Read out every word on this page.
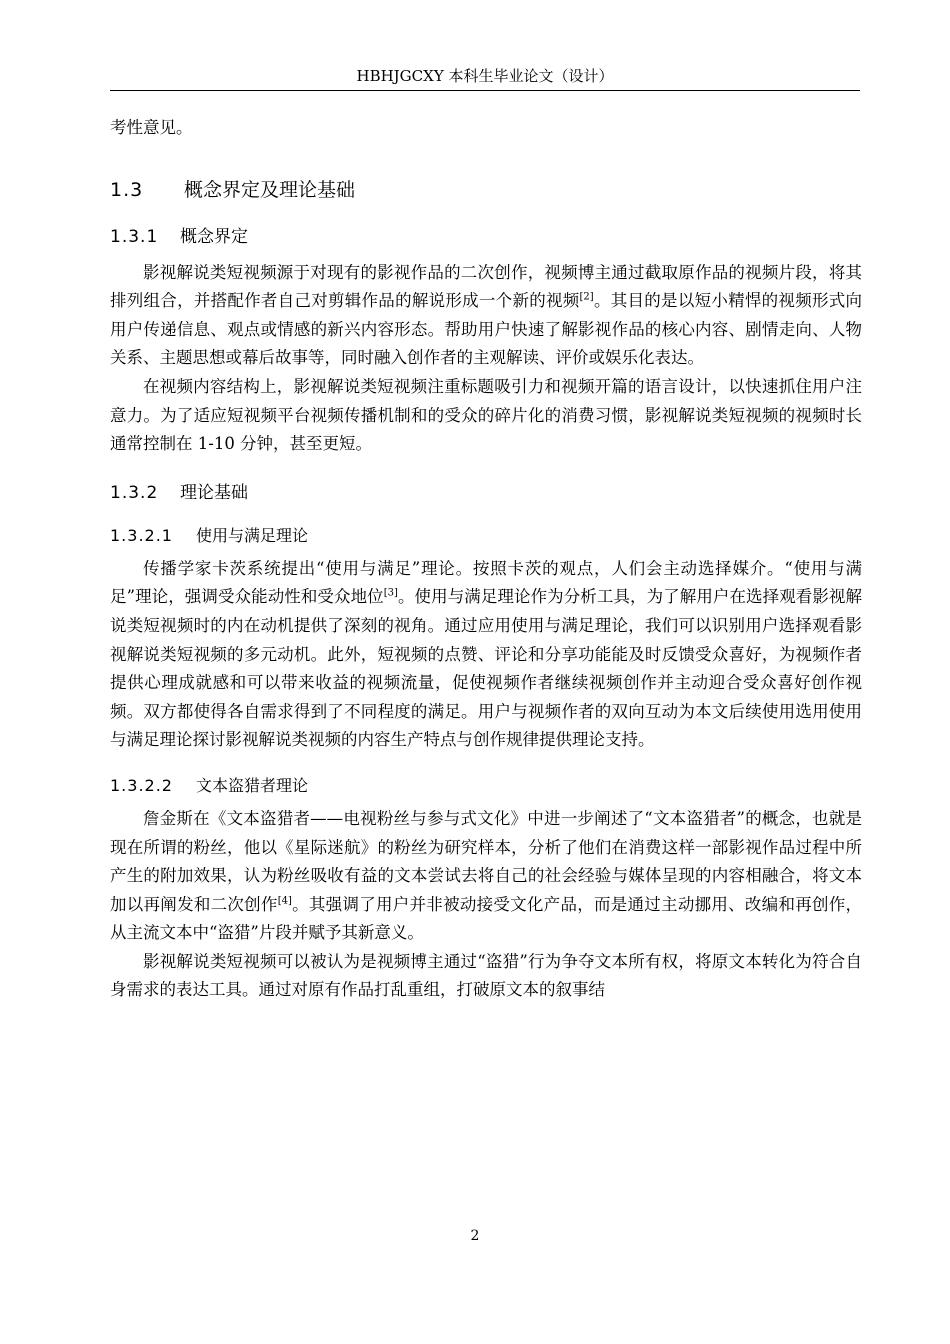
HBHJGCXY 本科生毕业论文（设计）

考性意见。

1.3 概念界定及理论基础
1.3.1 概念界定

影视解说类短视频源于对现有的影视作品的二次创作，视频博主通过截取原作品的视频片段，将其排列组合，并搭配作者自己对剪辑作品的解说形成一个新的视频[2]。其目的是以短小精悍的视频形式向用户传递信息、观点或情感的新兴内容形态。帮助用户快速了解影视作品的核心内容、剧情走向、人物关系、主题思想或幕后故事等，同时融入创作者的主观解读、评价或娱乐化表达。

在视频内容结构上，影视解说类短视频注重标题吸引力和视频开篇的语言设计，以快速抓住用户注意力。为了适应短视频平台视频传播机制和的受众的碎片化的消费习惯，影视解说类短视频的视频时长通常控制在 1-10 分钟，甚至更短。

1.3.2 理论基础
1.3.2.1 使用与满足理论

传播学家卡茨系统提出“使用与满足”理论。按照卡茨的观点，人们会主动选择媒介。“使用与满足”理论，强调受众能动性和受众地位[3]。使用与满足理论作为分析工具，为了解用户在选择观看影视解说类短视频时的内在动机提供了深刻的视角。通过应用使用与满足理论，我们可以识别用户选择观看影视解说类短视频的多元动机。此外，短视频的点赞、评论和分享功能能及时反馈受众喜好，为视频作者提供心理成就感和可以带来收益的视频流量，促使视频作者继续视频创作并主动迎合受众喜好创作视频。双方都使得各自需求得到了不同程度的满足。用户与视频作者的双向互动为本文后续使用选用使用与满足理论探讨影视解说类视频的内容生产特点与创作规律提供理论支持。

1.3.2.2 文本盗猎者理论

詹金斯在《文本盗猎者——电视粉丝与参与式文化》中进一步阐述了“文本盗猎者”的概念，也就是现在所谓的粉丝，他以《星际迷航》的粉丝为研究样本，分析了他们在消费这样一部影视作品过程中所产生的附加效果，认为粉丝吸收有益的文本尝试去将自己的社会经验与媒体呈现的内容相融合，将文本加以再阐发和二次创作[4]。其强调了用户并非被动接受文化产品，而是通过主动挪用、改编和再创作，从主流文本中“盗猎”片段并赋予其新意义。

影视解说类短视频可以被认为是视频博主通过“盗猎”行为争夺文本所有权，将原文本转化为符合自身需求的表达工具。通过对原有作品打乱重组，打破原文本的叙事结

2
